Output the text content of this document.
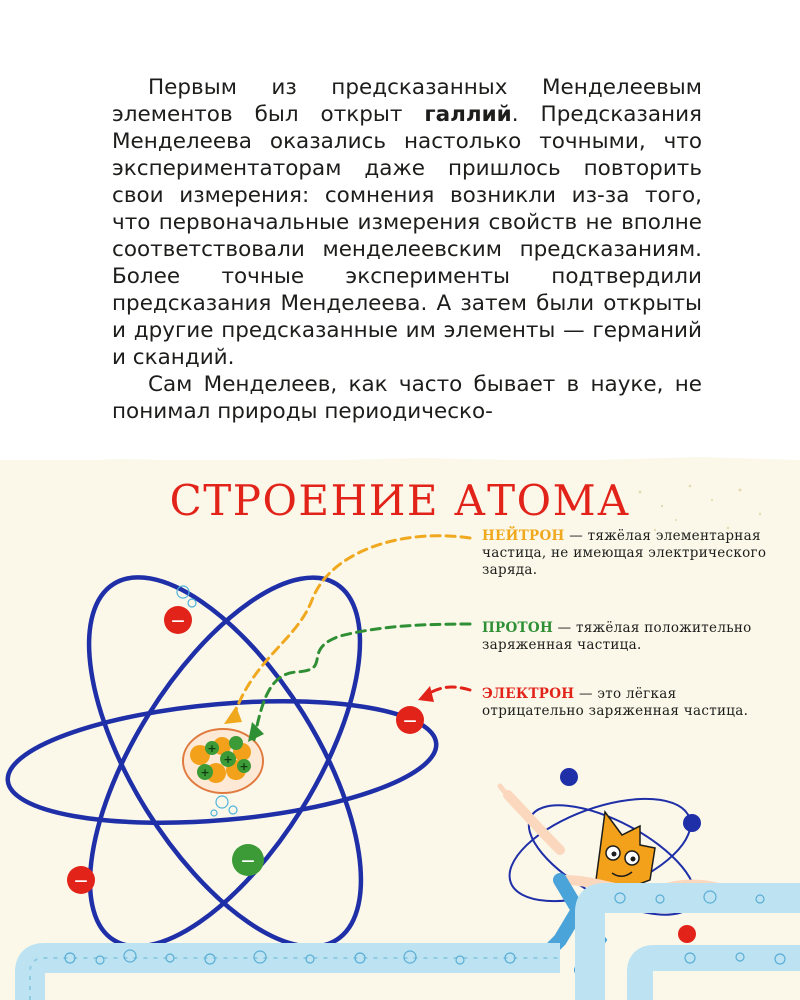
Первым из предсказанных Менделеевым элементов был открыт галлий. Предсказания Менделеева оказались настолько точными, что экспериментаторам даже пришлось повторить свои измерения: сомнения возникли из-за того, что первоначальные измерения свойств не вполне соответствовали менделеевским предсказаниям. Более точные эксперименты подтвердили предсказания Менделеева. А затем были открыты и другие предсказанные им элементы — германий и скандий.

Сам Менделеев, как часто бывает в науке, не понимал природы периодическо-

СТРОЕНИЕ АТОМА
+
+
+
+
—
—
—
—
НЕЙТРОН — тяжёлая элементарная частица, не имеющая электрического заряда.
ПРОТОН — тяжёлая положительно заряженная частица.
ЭЛЕКТРОН — это лёгкая отрицательно заряженная частица.
